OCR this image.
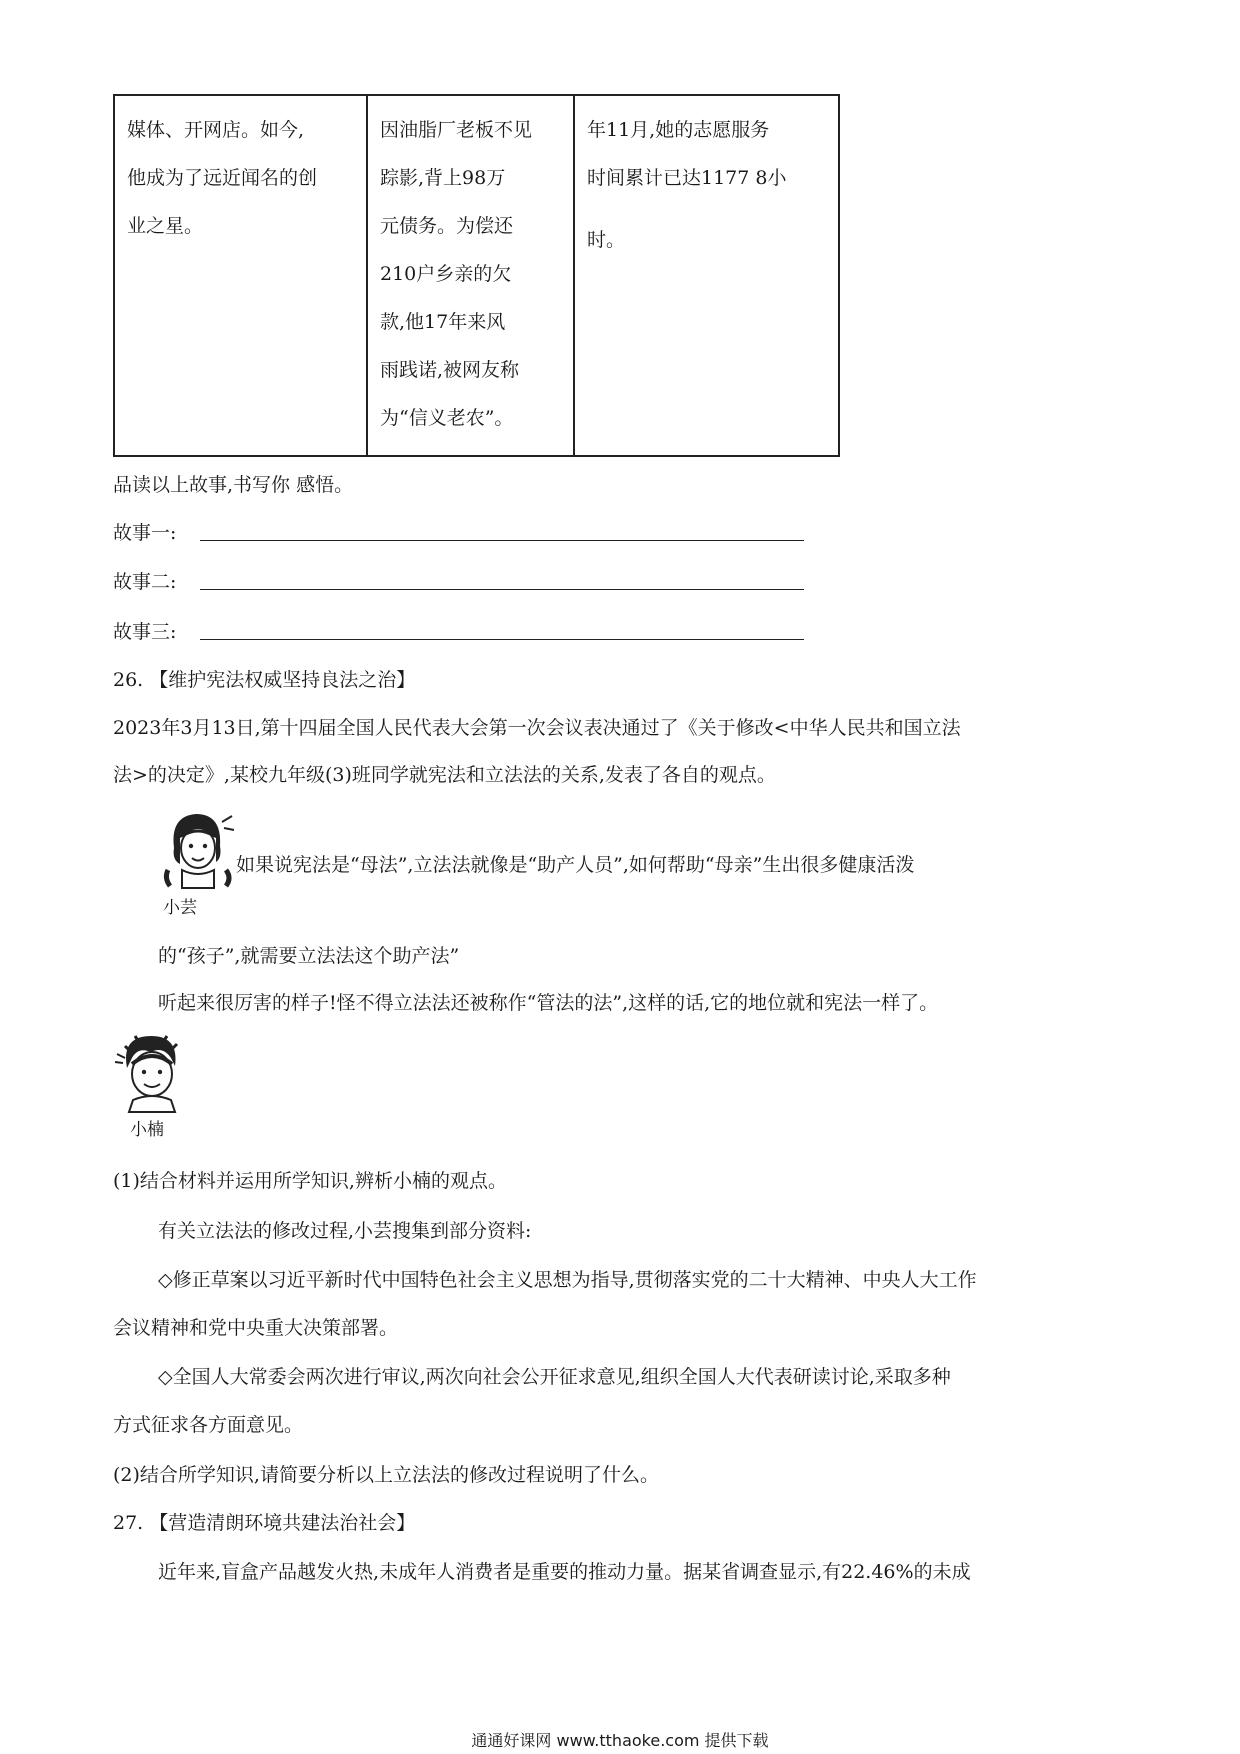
媒体、开网店。如今,
他成为了远近闻名的创
业之星。

因油脂厂老板不见
踪影,背上98万
元债务。为偿还
210户乡亲的欠
款,他17年来风
雨践诺,被网友称
为“信义老农”。

年11月,她的志愿服务
时间累计已达1177 8小
时。
品读以上故事,书写你 感悟。
故事一:
故事二:
故事三:
26. 【维护宪法权威坚持良法之治】
2023年3月13日,第十四届全国人民代表大会第一次会议表决通过了《关于修改<中华人民共和国立法
法>的决定》,某校九年级(3)班同学就宪法和立法法的关系,发表了各自的观点。
小芸
如果说宪法是“母法”,立法法就像是“助产人员”,如何帮助“母亲”生出很多健康活泼
的“孩子”,就需要立法法这个助产法”
听起来很厉害的样子!怪不得立法法还被称作“管法的法”,这样的话,它的地位就和宪法一样了。
小楠
(1)结合材料并运用所学知识,辨析小楠的观点。
有关立法法的修改过程,小芸搜集到部分资料:
◇修正草案以习近平新时代中国特色社会主义思想为指导,贯彻落实党的二十大精神、中央人大工作
会议精神和党中央重大决策部署。
◇全国人大常委会两次进行审议,两次向社会公开征求意见,组织全国人大代表研读讨论,采取多种
方式征求各方面意见。
(2)结合所学知识,请简要分析以上立法法的修改过程说明了什么。
27. 【营造清朗环境共建法治社会】
近年来,盲盒产品越发火热,未成年人消费者是重要的推动力量。据某省调查显示,有22.46%的未成
通通好课网 www.tthaoke.com 提供下载
